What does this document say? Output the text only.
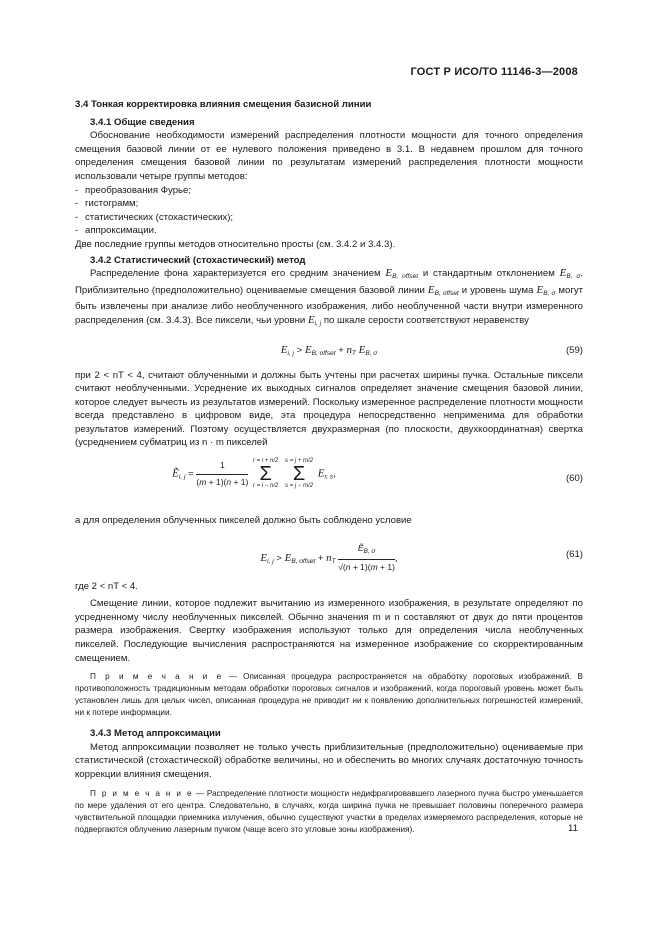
ГОСТ Р ИСО/ТО 11146-3—2008
3.4 Тонкая корректировка влияния смещения базисной линии
3.4.1 Общие сведения
Обоснование необходимости измерений распределения плотности мощности для точного определения смещения базовой линии от ее нулевого положения приведено в 3.1. В недавнем прошлом для точного определения смещения базовой линии по результатам измерений распределения плотности мощности использовали четыре группы методов:
- преобразования Фурье;
- гистограмм;
- статистических (стохастических);
- аппроксимации.
Две последние группы методов относительно просты (см. 3.4.2 и 3.4.3).
3.4.2 Статистический (стохастический) метод
Распределение фона характеризуется его средним значением $E_{B, offset}$ и стандартным отклонением $E_{B, \sigma}$. Приблизительно (предположительно) оцениваемые смещения базовой линии $E_{B, offset}$ и уровень шума $E_{B, \sigma}$ могут быть извлечены при анализе либо необлученного изображения, либо необлученной части внутри измеренного распределения (см. 3.4.3). Все пиксели, чьи уровни $E_{i, j}$ по шкале серости соответствуют неравенству
$E_{i, j} > E_{B, offset} + n_T$ $E_{B, \sigma}$	(59)
при 2 < nT < 4, считают облученными и должны быть учтены при расчетах ширины пучка. Остальные пиксели считают необлученными. Усреднение их выходных сигналов определяет значение смещения базовой линии, которое следует вычесть из результатов измерений. Поскольку измеренное распределение плотности мощности всегда представлено в цифровом виде, эта процедура непосредственно неприменима для обработки результатов измерений. Поэтому осуществляется двухразмерная (по плоскости, двухкоординатная) свертка (усреднением субматриц из n · m пикселей
Ẽ$_{i, j}$ = $\frac{1}{(m + 1)(n + 1)}$ r = i + n/2
Σ
r = i − n/2 s = j + m/2
Σ
s = j − m/2 $E_{r, s}$,	(60)
а для определения облученных пикселей должно быть соблюдено условие
$E_{i, j} > E_{B, offset} + n_T \frac{Ẽ_{B, \sigma}}{√(n + 1)(m + 1)}$ ,	(61)
где 2 < nT < 4.
Смещение линии, которое подлежит вычитанию из измеренного изображения, в результате определяют по усредненному числу необлученных пикселей. Обычно значения m и n составляют от двух до пяти процентов размера изображения. Свертку изображения используют только для определения числа необлученных пикселей. Последующие вычисления распространяются на измеренное изображение со скорректированным смещением.
П р и м е ч а н и е — Описанная процедура распространяется на обработку пороговых изображений. В противоположность традиционным методам обработки пороговых сигналов и изображений, когда пороговый уровень может быть установлен лишь для целых чисел, описанная процедура не приводит ни к появлению дополнительных погрешностей измерений, ни к потере информации.
3.4.3 Метод аппроксимации
Метод аппроксимации позволяет не только учесть приблизительные (предположительно) оцениваемые при статистической (стохастической) обработке величины, но и обеспечить во многих случаях достаточную точность коррекции влияния смещения.
П р и м е ч а н и е — Распределение плотности мощности недифрагировавшего лазерного пучка быстро уменьшается по мере удаления от его центра. Следовательно, в случаях, когда ширина пучка не превышает половины поперечного размера чувствительной площадки приемника излучения, обычно существуют участки в пределах измеряемого распределения, которые не подвергаются облучению лазерным пучком (чаще всего это угловые зоны изображения).	11
